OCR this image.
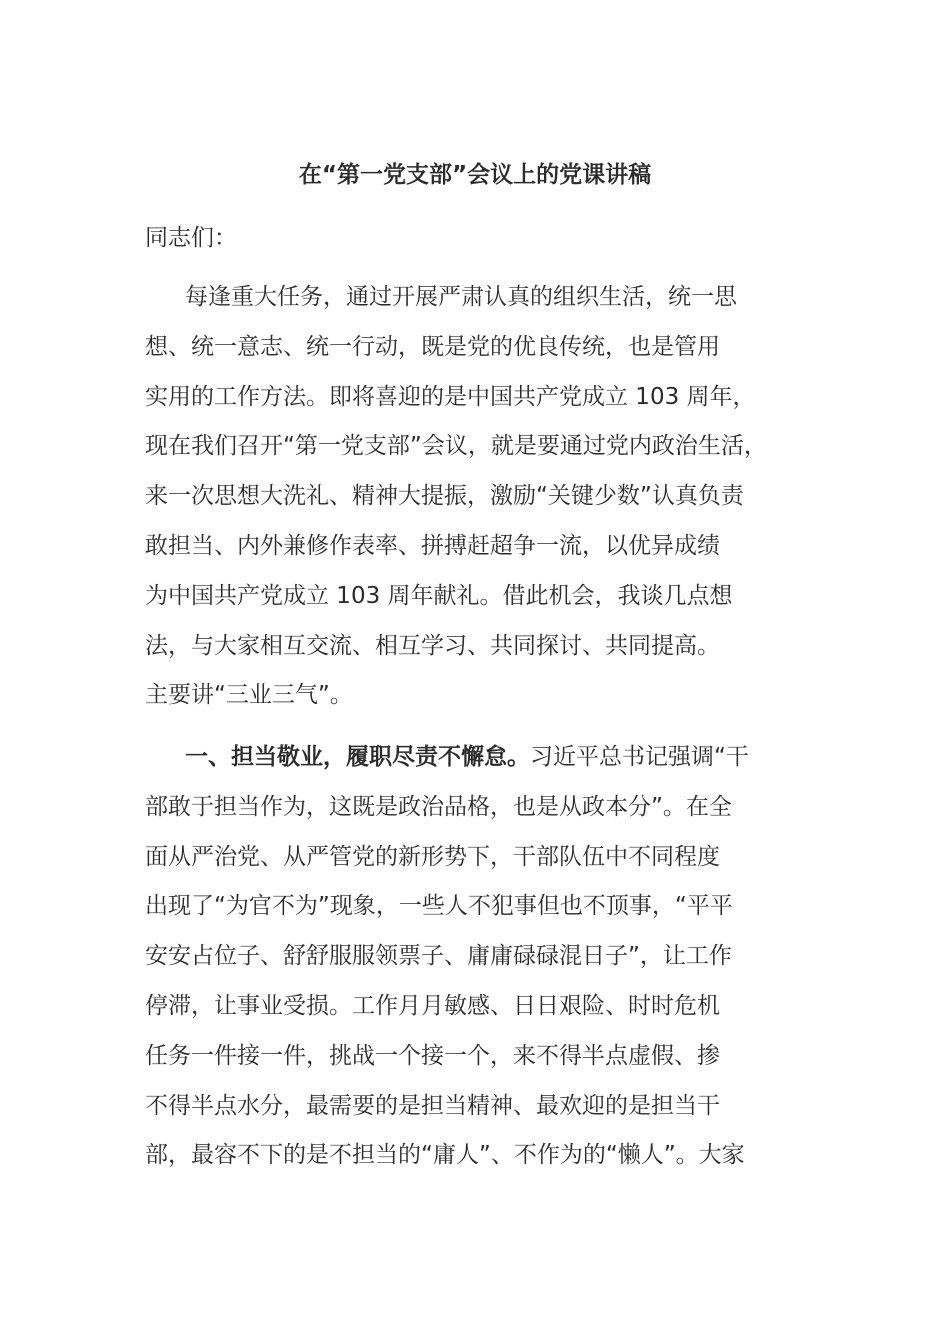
在“第一党支部”会议上的党课讲稿

同志们：

每逢重大任务，通过开展严肃认真的组织生活，统一思
想、统一意志、统一行动，既是党的优良传统，也是管用
实用的工作方法。即将喜迎的是中国共产党成立 103 周年，
现在我们召开“第一党支部”会议，就是要通过党内政治生活，
来一次思想大洗礼、精神大提振，激励“关键少数”认真负责
敢担当、内外兼修作表率、拼搏赶超争一流，以优异成绩
为中国共产党成立 103 周年献礼。借此机会，我谈几点想
法，与大家相互交流、相互学习、共同探讨、共同提高。
主要讲“三业三气”。
一、担当敬业，履职尽责不懈怠。习近平总书记强调“干
部敢于担当作为，这既是政治品格，也是从政本分”。在全
面从严治党、从严管党的新形势下，干部队伍中不同程度
出现了“为官不为”现象，一些人不犯事但也不顶事，“平平
安安占位子、舒舒服服领票子、庸庸碌碌混日子”，让工作
停滞，让事业受损。工作月月敏感、日日艰险、时时危机
任务一件接一件，挑战一个接一个，来不得半点虚假、掺
不得半点水分，最需要的是担当精神、最欢迎的是担当干
部，最容不下的是不担当的“庸人”、不作为的“懒人”。大家
